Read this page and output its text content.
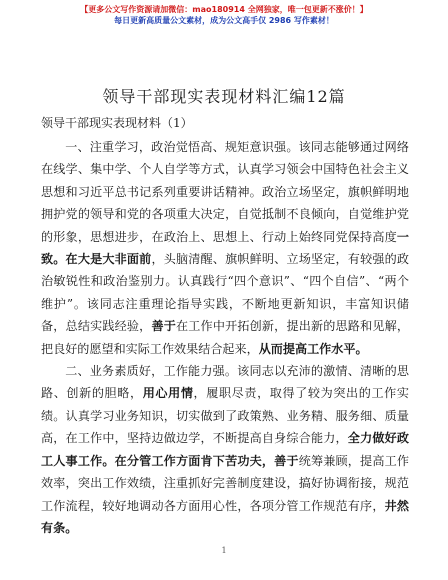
【更多公文写作资源请加微信：mao180914 全网独家，唯一包更新不涨价！】
每日更新高质量公文素材，成为公文高手仅 2986 写作素材！
领导干部现实表现材料汇编12篇
领导干部现实表现材料（1）

一、注重学习，政治觉悟高、规矩意识强。该同志能够通过网络在线学、集中学、个人自学等方式，认真学习领会中国特色社会主义思想和习近平总书记系列重要讲话精神。政治立场坚定，旗帜鲜明地拥护党的领导和党的各项重大决定，自觉抵制不良倾向，自觉维护党的形象，思想进步，在政治上、思想上、行动上始终同党保持高度一致。在大是大非面前，头脑清醒、旗帜鲜明、立场坚定，有较强的政治敏锐性和政治鉴别力。认真践行“四个意识”、“四个自信”、“两个维护”。该同志注重理论指导实践，不断地更新知识，丰富知识储备，总结实践经验，善于在工作中开拓创新，提出新的思路和见解，把良好的愿望和实际工作效果结合起来，从而提高工作水平。

二、业务素质好，工作能力强。该同志以充沛的激情、清晰的思路、创新的胆略，用心用情，履职尽责，取得了较为突出的工作实绩。认真学习业务知识，切实做到了政策熟、业务精、服务细、质量高，在工作中，坚持边做边学，不断提高自身综合能力，全力做好政工人事工作。在分管工作方面肯下苦功夫，善于统筹兼顾，提高工作效率，突出工作效绩，注重抓好完善制度建设，搞好协调衔接，规范工作流程，较好地调动各方面用心性，各项分管工作规范有序，井然有条。

1
